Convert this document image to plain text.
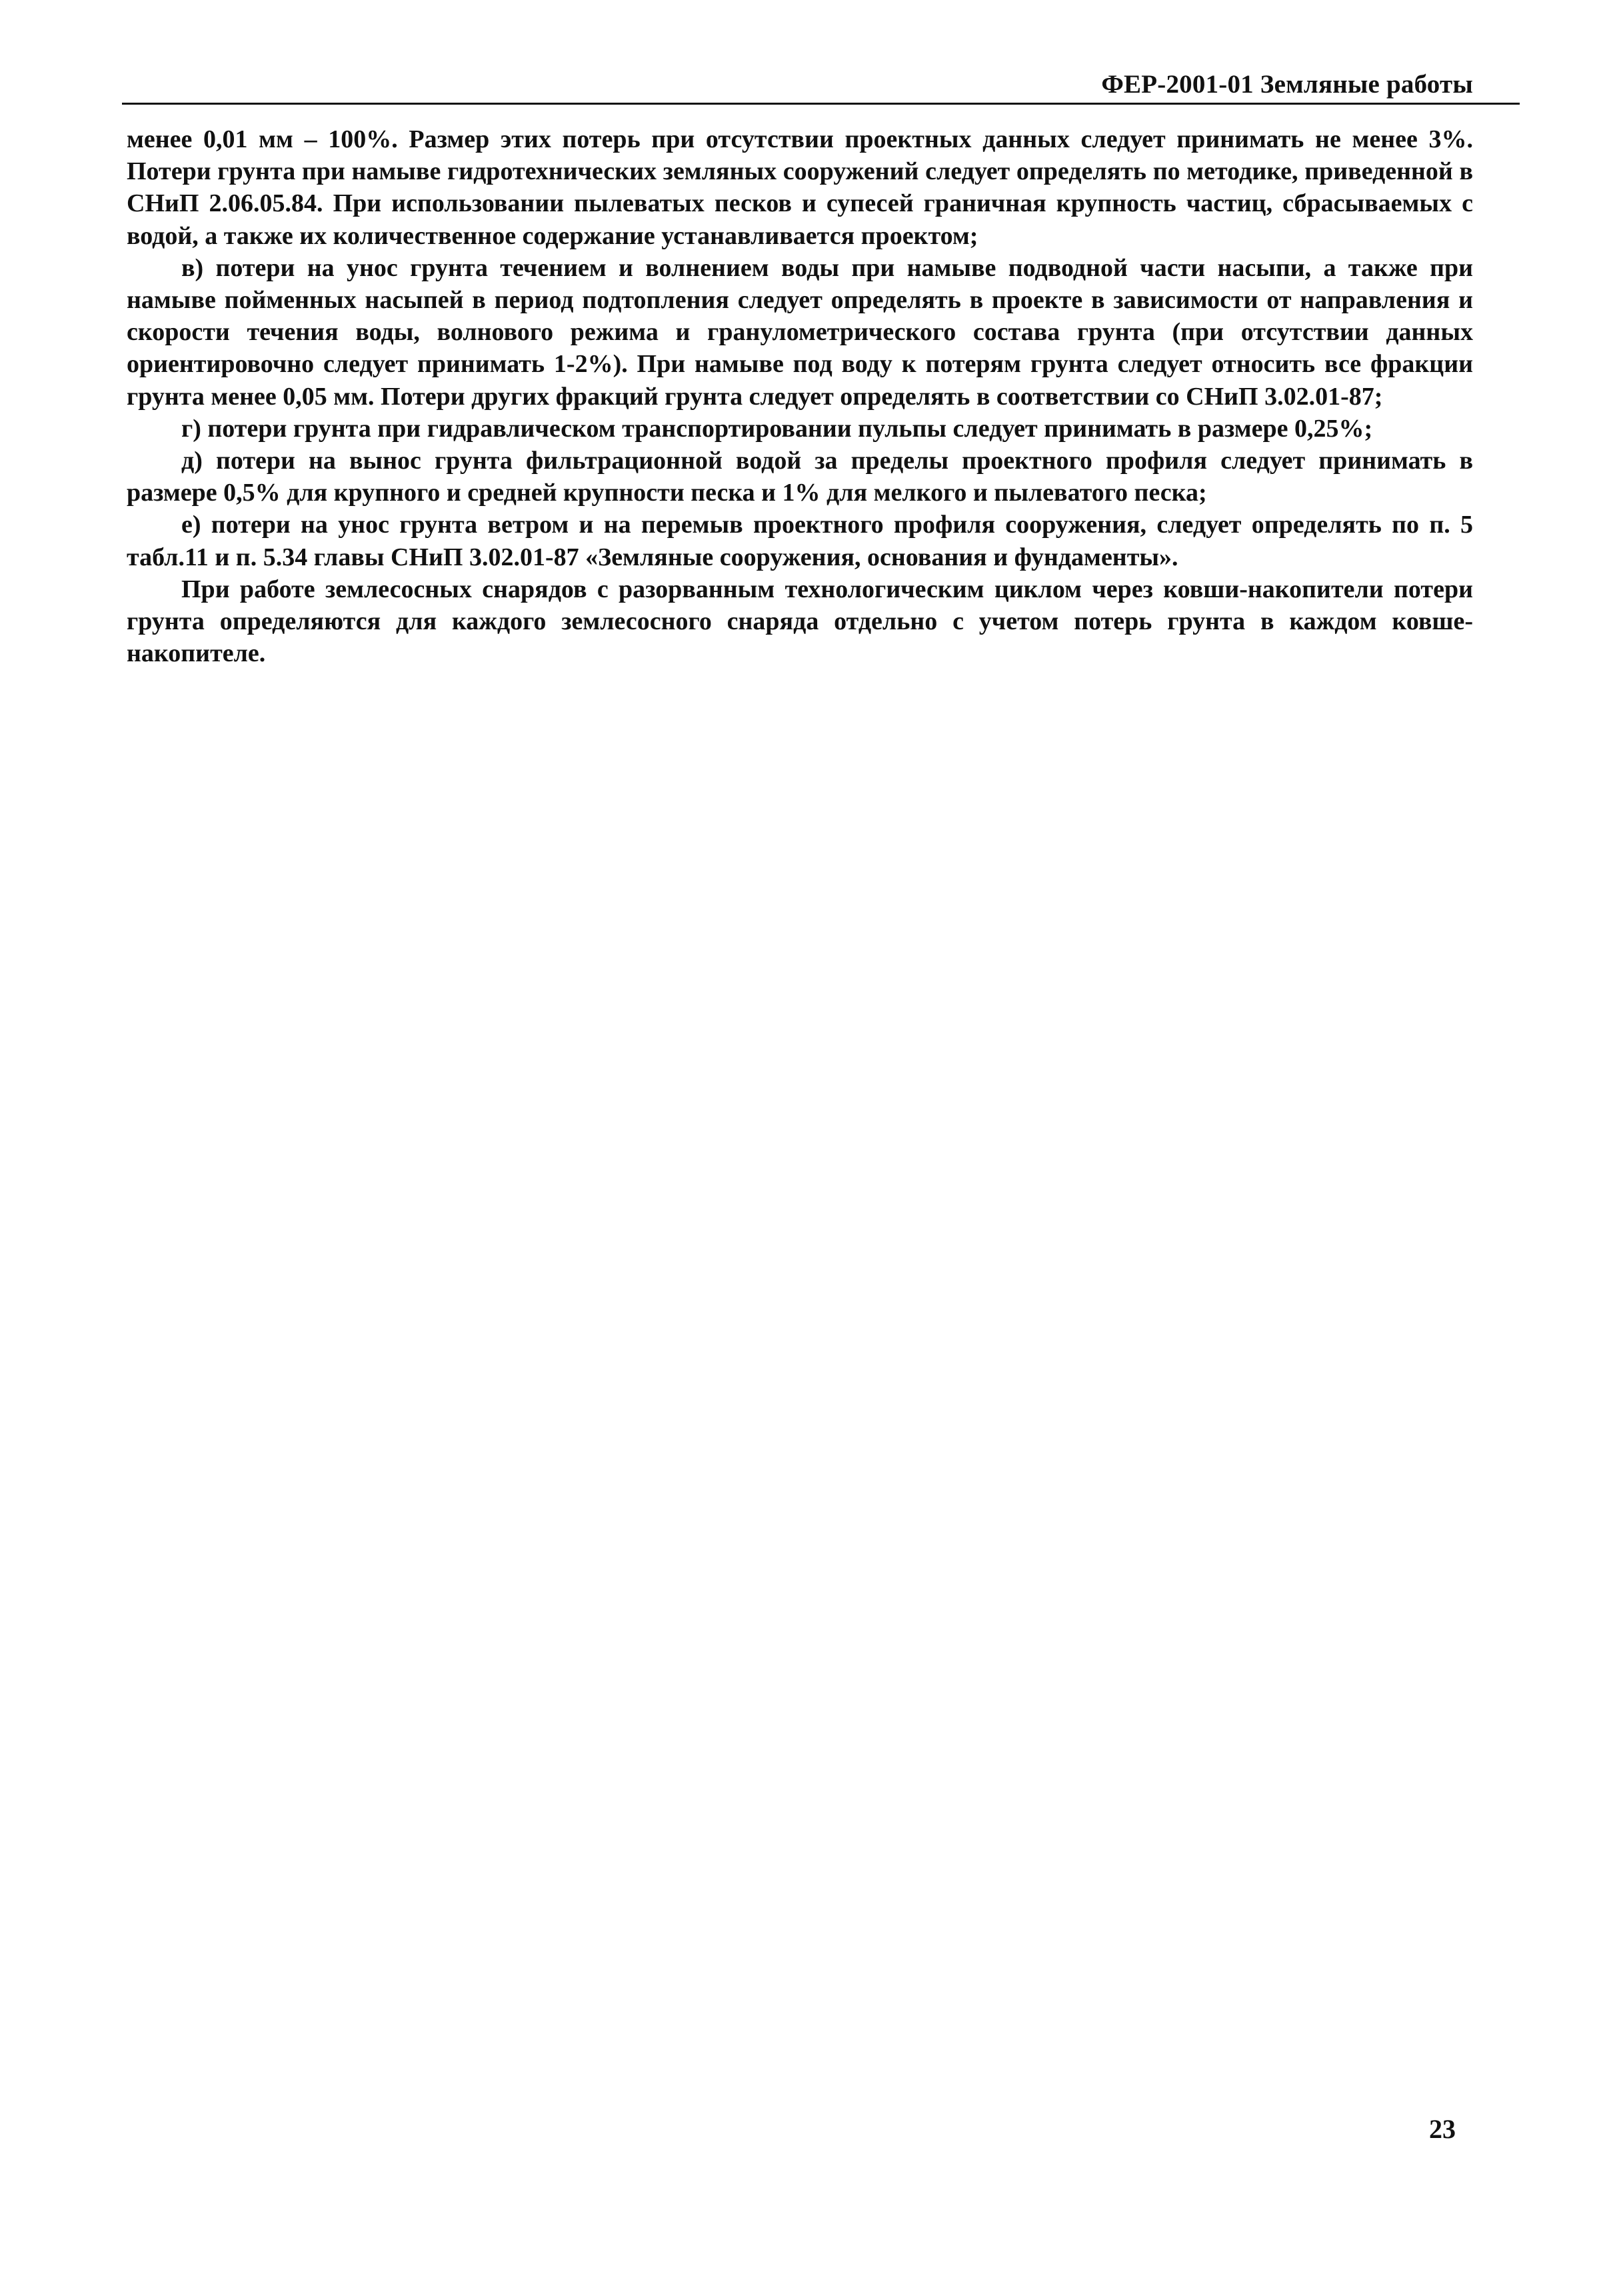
ФЕР-2001-01 Земляные работы

менее 0,01 мм – 100%. Размер этих потерь при отсутствии проектных данных следует принимать не менее 3%. Потери грунта при намыве гидротехнических земляных сооружений следует определять по методике, приведенной в СНиП 2.06.05.84. При использовании пылеватых песков и супесей граничная крупность частиц, сбрасываемых с водой, а также их количественное содержание устанавливается проектом;

в) потери на унос грунта течением и волнением воды при намыве подводной части насыпи, а также при намыве пойменных насыпей в период подтопления следует определять в проекте в зависимости от направления и скорости течения воды, волнового режима и гранулометрического состава грунта (при отсутствии данных ориентировочно следует принимать 1-2%). При намыве под воду к потерям грунта следует относить все фракции грунта менее 0,05 мм. Потери других фракций грунта следует определять в соответствии со СНиП 3.02.01-87;

г) потери грунта при гидравлическом транспортировании пульпы следует принимать в размере 0,25%;

д) потери на вынос грунта фильтрационной водой за пределы проектного профиля следует принимать в размере 0,5% для крупного и средней крупности песка и 1% для мелкого и пылеватого песка;

е) потери на унос грунта ветром и на перемыв проектного профиля сооружения, следует определять по п. 5 табл.11 и п. 5.34 главы СНиП 3.02.01-87 «Земляные сооружения, основания и фундаменты».

При работе землесосных снарядов с разорванным технологическим циклом через ковши-накопители потери грунта определяются для каждого землесосного снаряда отдельно с учетом потерь грунта в каждом ковше-накопителе.

23
